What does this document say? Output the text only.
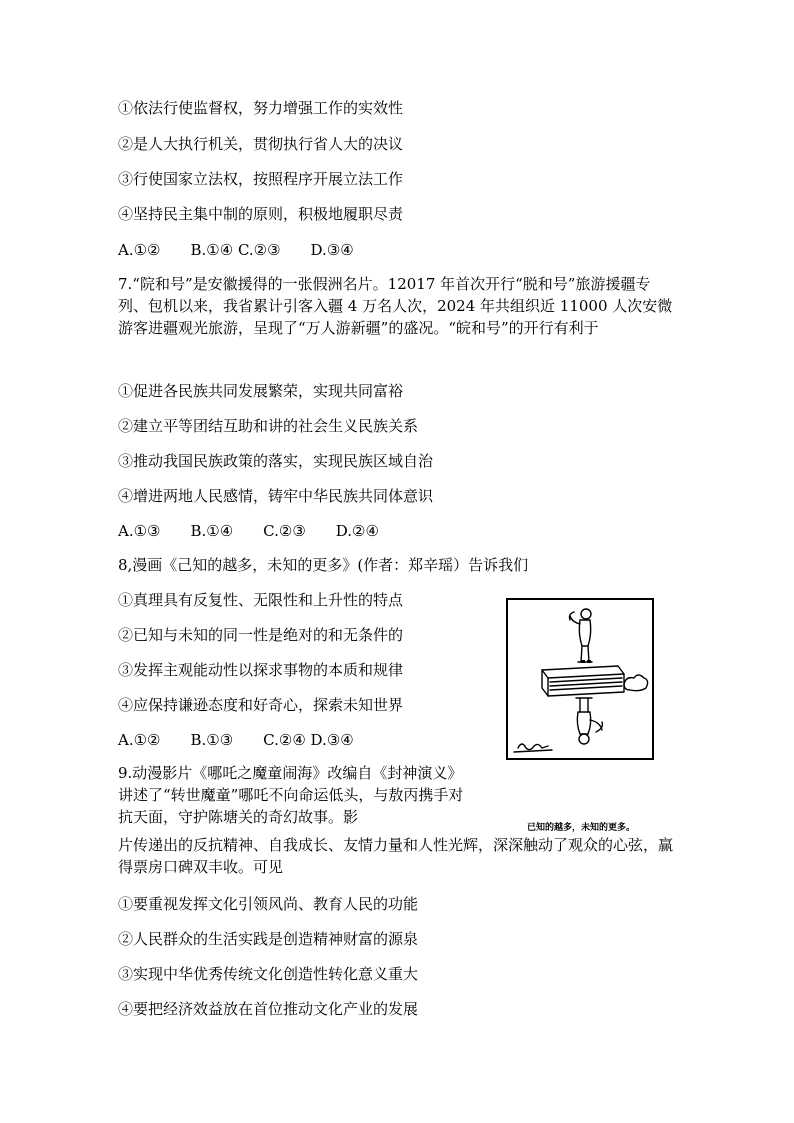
①依法行使监督权，努力增强工作的实效性
②是人大执行机关，贯彻执行省人大的决议
③行使国家立法权，按照程序开展立法工作
④坚持民主集中制的原则，积极地履职尽责
A.①②　　B.①④ C.②③　　D.③④
7.“院和号”是安徽援得的一张假洲名片。12017 年首次开行“脱和号”旅游援疆专列、包机以来，我省累计引客入疆 4 万名人次，2024 年共组织近 11000 人次安微游客进疆观光旅游，呈现了“万人游新疆”的盛况。“皖和号”的开行有利于
①促进各民族共同发展繁荣，实现共同富裕
②建立平等团结互助和讲的社会生义民族关系
③推动我国民族政策的落实，实现民族区域自治
④增进两地人民感情，铸牢中华民族共同体意识
A.①③　　B.①④　　C.②③　　D.②④
8,漫画《己知的越多，未知的更多》(作者：郑辛瑶）告诉我们
①真理具有反复性、无限性和上升性的特点
②已知与未知的同一性是绝对的和无条件的
③发挥主观能动性以探求事物的本质和规律
④应保持谦逊态度和好奇心，探索未知世界
A.①②　　B.①③　　C.②④ D.③④
已知的越多，未知的更多。
9.动漫影片《哪吒之魔童闹海》改编自《封神演义》 讲述了“转世魔童”哪吒不向命运低头，与敖丙携手对抗天面，守护陈塘关的奇幻故事。影
片传递出的反抗精神、自我成长、友情力量和人性光辉，深深触动了观众的心弦，赢得票房口碑双丰收。可见
①要重视发挥文化引领风尚、教育人民的功能
②人民群众的生活实践是创造精神财富的源泉
③实现中华优秀传统文化创造性转化意义重大
④要把经济效益放在首位推动文化产业的发展
